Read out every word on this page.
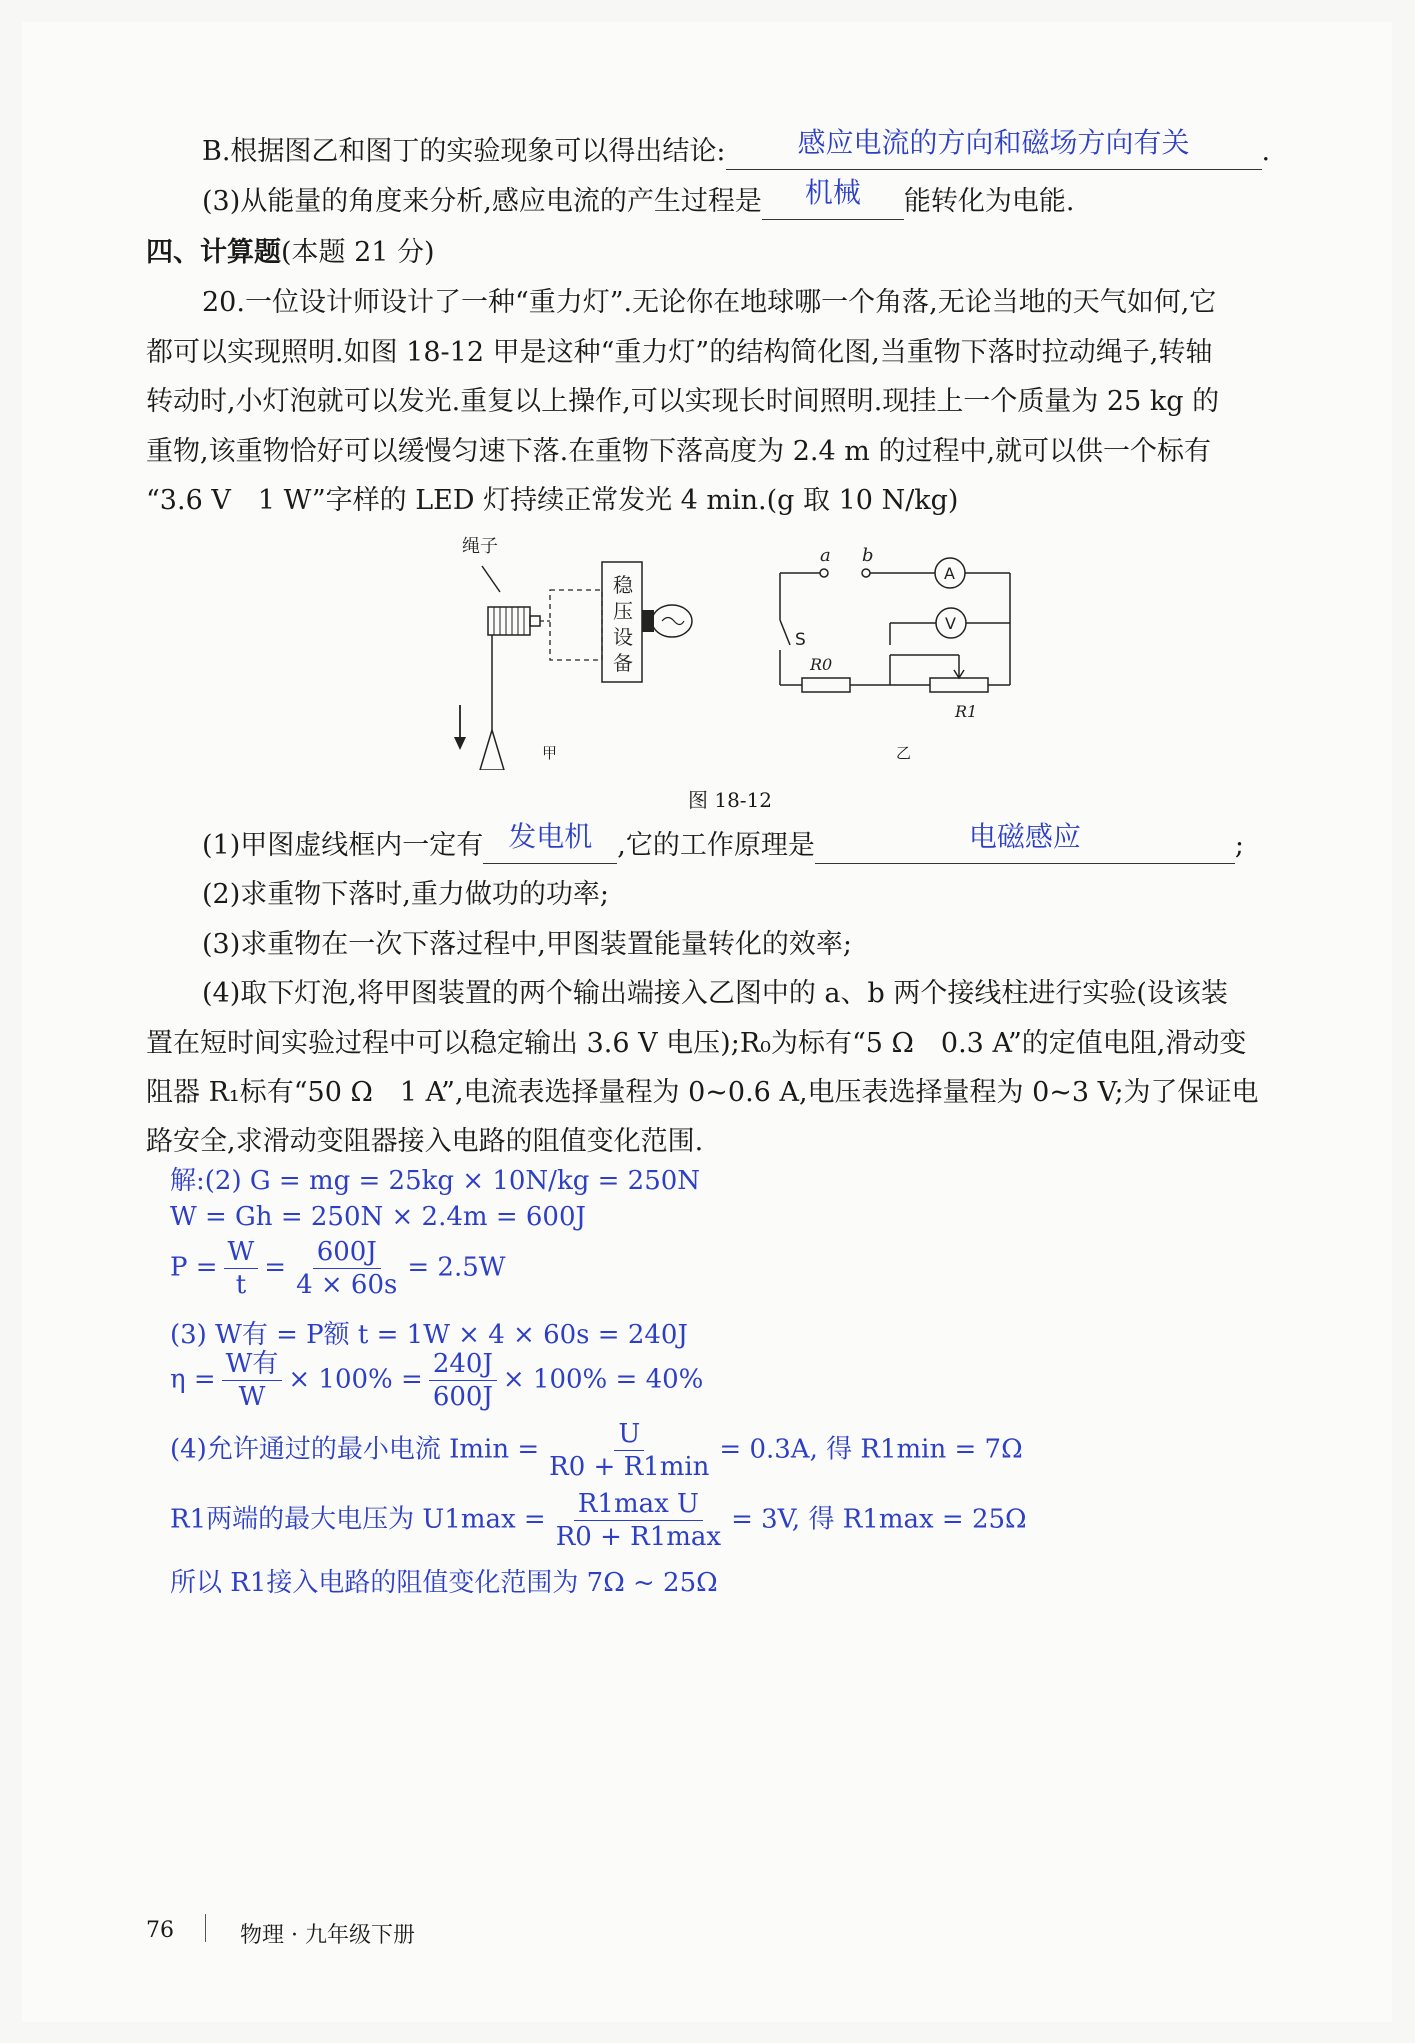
B.根据图乙和图丁的实验现象可以得出结论:	感应电流的方向和磁场方向有关	.
(3)从能量的角度来分析,感应电流的产生过程是 机械 能转化为电能.
四、计算题(本题 21 分)
20.一位设计师设计了一种“重力灯”.无论你在地球哪一个角落,无论当地的天气如何,它
都可以实现照明.如图 18-12 甲是这种“重力灯”的结构简化图,当重物下落时拉动绳子,转轴
转动时,小灯泡就可以发光.重复以上操作,可以实现长时间照明.现挂上一个质量为 25 kg 的
重物,该重物恰好可以缓慢匀速下落.在重物下落高度为 2.4 m 的过程中,就可以供一个标有
“3.6 V　1 W”字样的 LED 灯持续正常发光 4 min.(g 取 10 N/kg)
绳子
稳
压
设
备
甲
a b
A
S
R0
V
R1
乙
图 18-12
(1)甲图虚线框内一定有 发电机 ,它的工作原理是	电磁感应	;
(2)求重物下落时,重力做功的功率;
(3)求重物在一次下落过程中,甲图装置能量转化的效率;
(4)取下灯泡,将甲图装置的两个输出端接入乙图中的 a、b 两个接线柱进行实验(设该装
置在短时间实验过程中可以稳定输出 3.6 V 电压);R₀为标有“5 Ω　0.3 A”的定值电阻,滑动变
阻器 R₁标有“50 Ω　1 A”,电流表选择量程为 0~0.6 A,电压表选择量程为 0~3 V;为了保证电
路安全,求滑动变阻器接入电路的阻值变化范围.
解:(2) G = mg = 25kg × 10N/kg = 250N
W = Gh = 250N × 2.4m = 600J
$P = \frac{W}{t} = \frac{600J}{4 \times 60s} = 2.5W$
(3) W有 = P额 t = 1W × 4 × 60s = 240J
$\eta = \frac{\text{W有}}{W} \times 100\% = \frac{240J}{600J} \times 100\% = 40\%$
(4)允许通过的最小电流 $Imin = \frac{U}{R0 + R1\min} = 0.3A$, 得 R1min = 7Ω
R1两端的最大电压为 $U1\max = \frac{\text{R1max U}}{R0 + R1\max} = 3V$, 得 R1max = 25Ω
所以 R1接入电路的阻值变化范围为 7Ω ~ 25Ω
76	物理 · 九年级下册
